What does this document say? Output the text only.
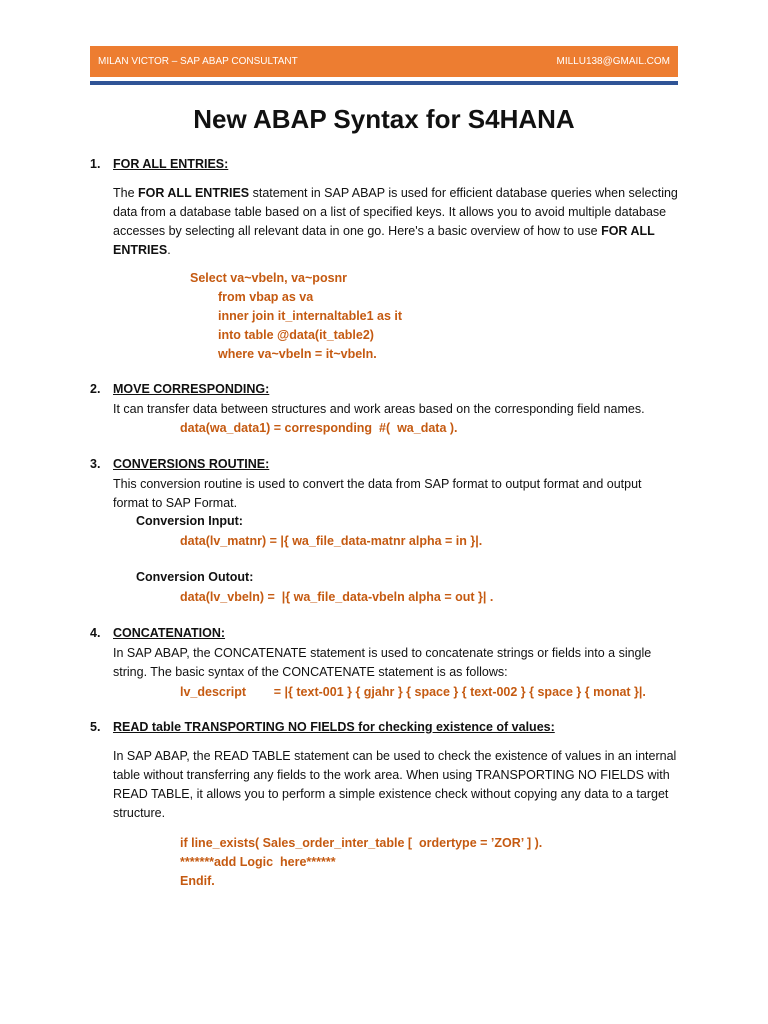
MILAN VICTOR – SAP ABAP CONSULTANT	MILLU138@GMAIL.COM
New ABAP Syntax for S4HANA
1. FOR ALL ENTRIES:

The FOR ALL ENTRIES statement in SAP ABAP is used for efficient database queries when selecting data from a database table based on a list of specified keys. It allows you to avoid multiple database accesses by selecting all relevant data in one go. Here's a basic overview of how to use FOR ALL ENTRIES.

Select va~vbeln, va~posnr
from vbap as va
inner join it_internaltable1 as it
into table @data(it_table2)
where va~vbeln = it~vbeln.
2. MOVE CORRESPONDING:

It can transfer data between structures and work areas based on the corresponding field names.

data(wa_data1) = corresponding  #(  wa_data ).
3. CONVERSIONS ROUTINE:

This conversion routine is used to convert the data from SAP format to output format and output format to SAP Format.

Conversion Input:
data(lv_matnr) = |{ wa_file_data-matnr alpha = in }|.
Conversion Outout:
data(lv_vbeln) =  |{ wa_file_data-vbeln alpha = out }| .
4. CONCATENATION:

In SAP ABAP, the CONCATENATE statement is used to concatenate strings or fields into a single string. The basic syntax of the CONCATENATE statement is as follows:

lv_descript        = |{ text-001 } { gjahr } { space } { text-002 } { space } { monat }|.
5. READ table TRANSPORTING NO FIELDS for checking existence of values:

In SAP ABAP, the READ TABLE statement can be used to check the existence of values in an internal table without transferring any fields to the work area. When using TRANSPORTING NO FIELDS with READ TABLE, it allows you to perform a simple existence check without copying any data to a target structure.

if line_exists( Sales_order_inter_table [  ordertype = ’ZOR’ ] ).
*******add Logic  here******
Endif.
